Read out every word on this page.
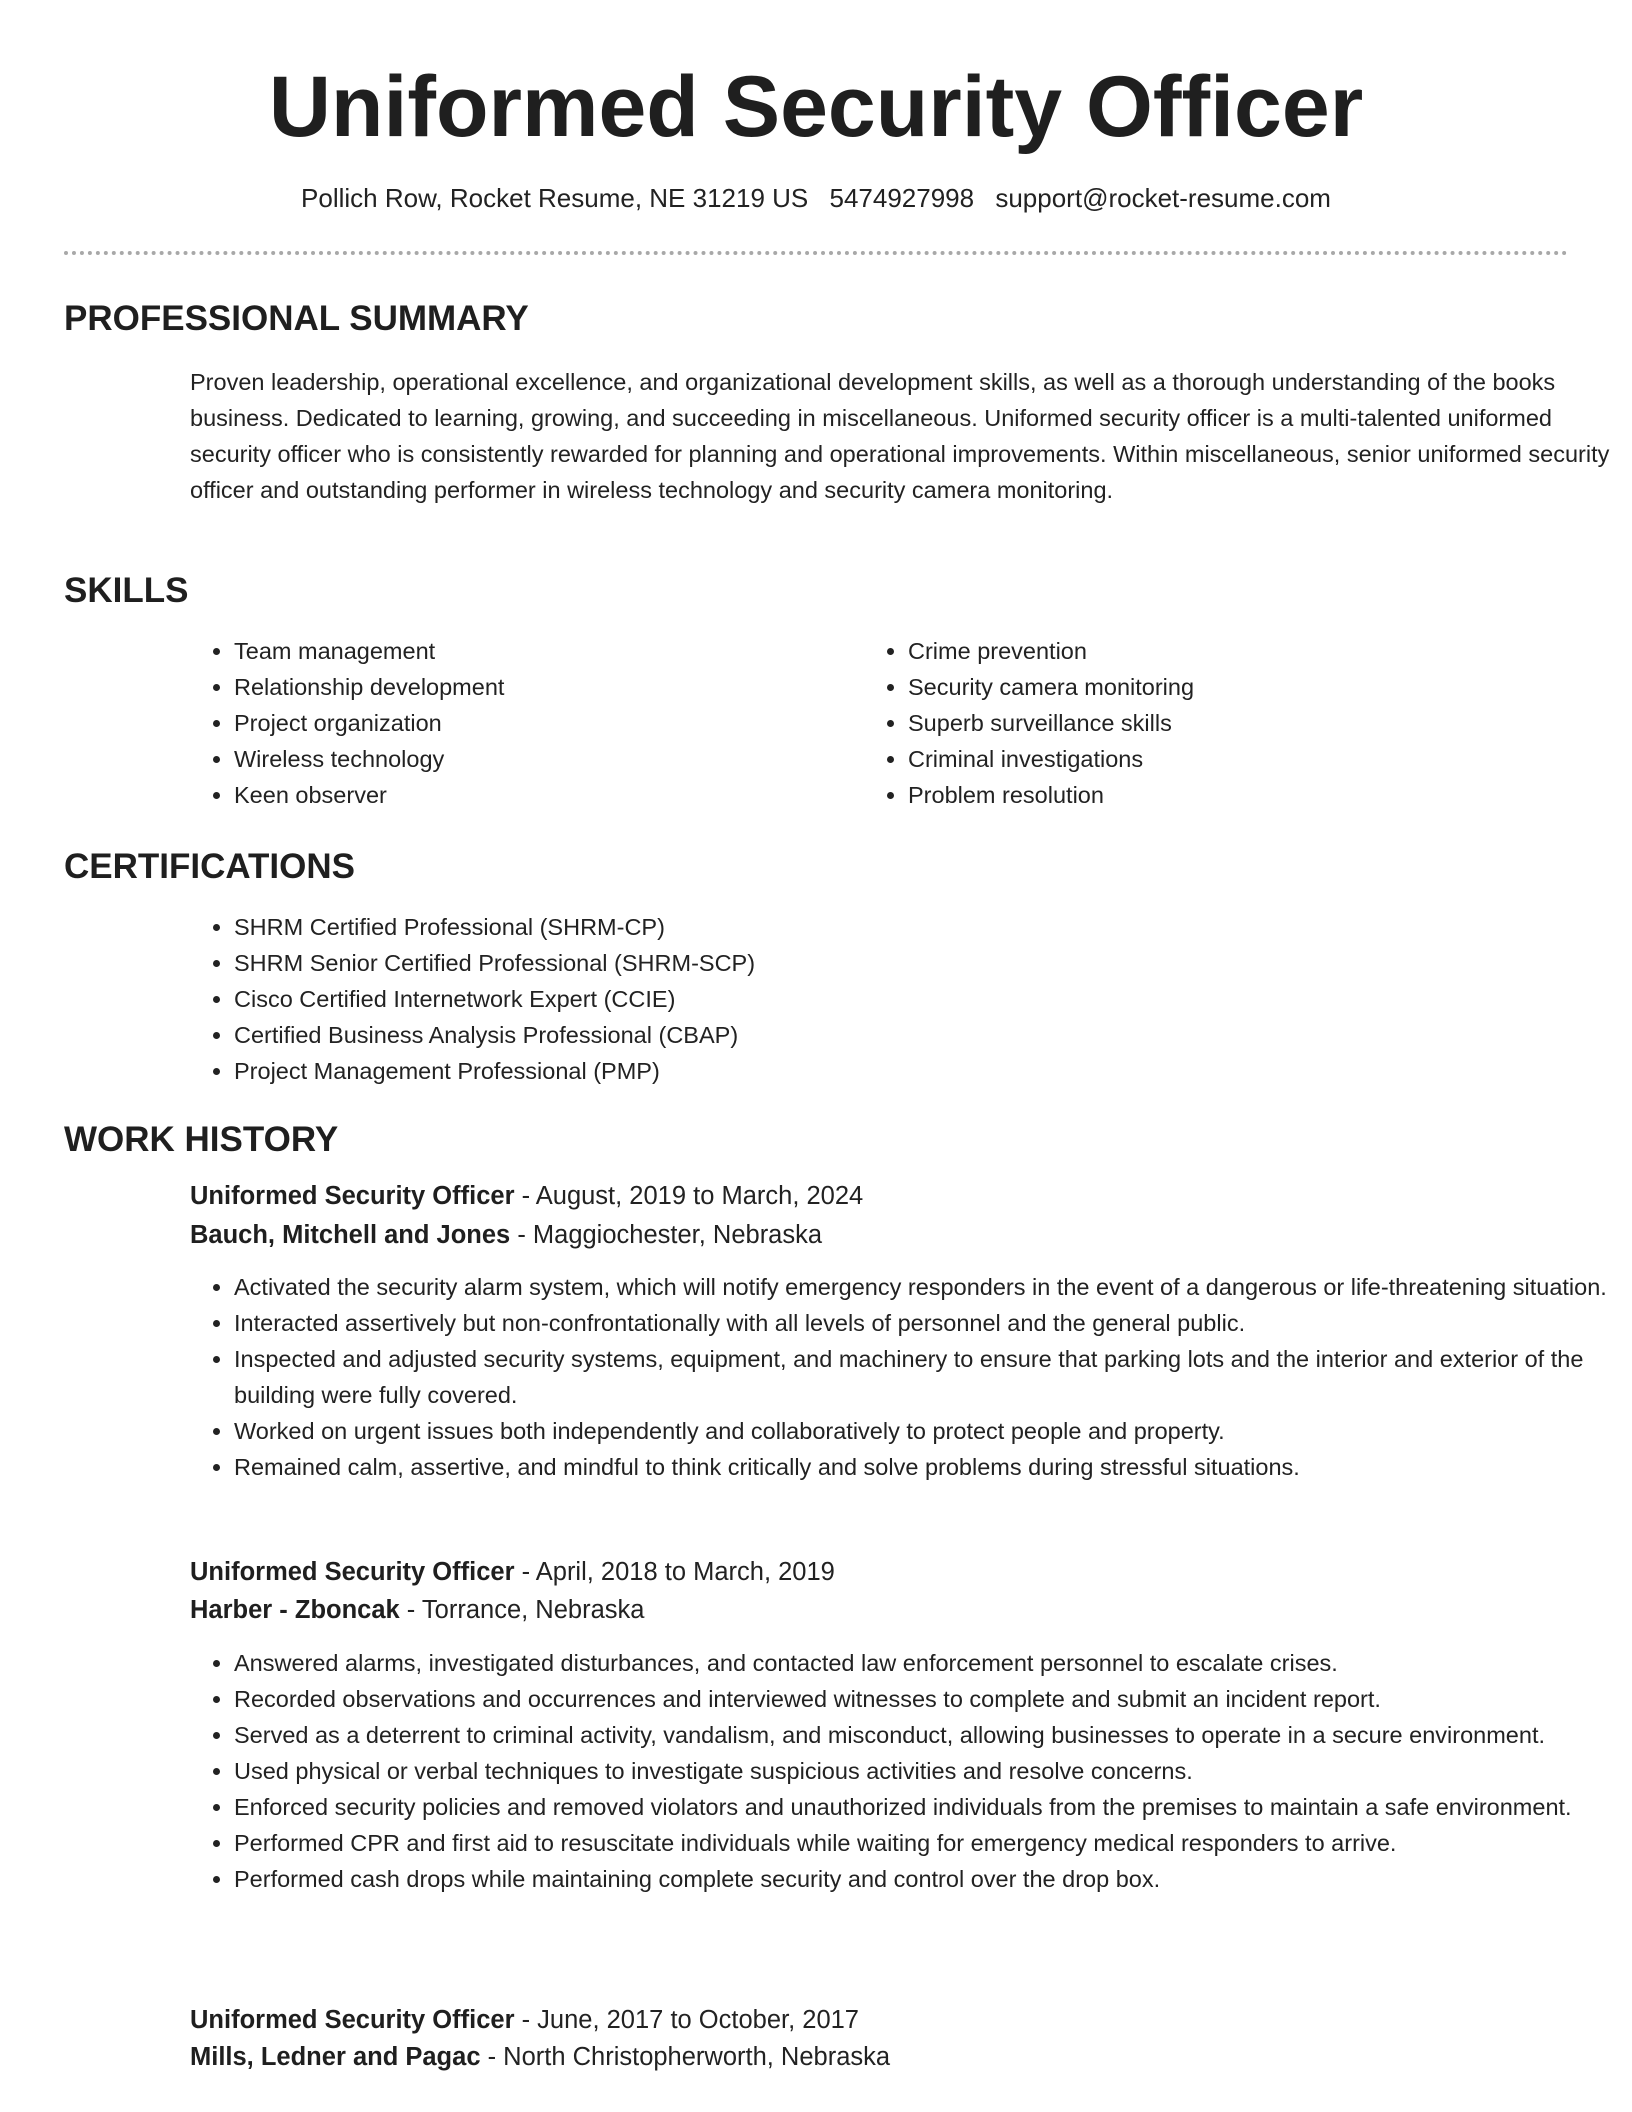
Uniformed Security Officer
Pollich Row, Rocket Resume, NE 31219 US 5474927998 support@rocket-resume.com
PROFESSIONAL SUMMARY

Proven leadership, operational excellence, and organizational development skills, as well as a thorough understanding of the books business. Dedicated to learning, growing, and succeeding in miscellaneous. Uniformed security officer is a multi-talented uniformed security officer who is consistently rewarded for planning and operational improvements. Within miscellaneous, senior uniformed security officer and outstanding performer in wireless technology and security camera monitoring.

SKILLS
• Team management
• Relationship development
• Project organization
• Wireless technology
• Keen observer
• Crime prevention
• Security camera monitoring
• Superb surveillance skills
• Criminal investigations
• Problem resolution
CERTIFICATIONS
• SHRM Certified Professional (SHRM-CP)
• SHRM Senior Certified Professional (SHRM-SCP)
• Cisco Certified Internetwork Expert (CCIE)
• Certified Business Analysis Professional (CBAP)
• Project Management Professional (PMP)
WORK HISTORY
Uniformed Security Officer - August, 2019 to March, 2024
Bauch, Mitchell and Jones - Maggiochester, Nebraska
• Activated the security alarm system, which will notify emergency responders in the event of a dangerous or life-threatening situation.
• Interacted assertively but non-confrontationally with all levels of personnel and the general public.
• Inspected and adjusted security systems, equipment, and machinery to ensure that parking lots and the interior and exterior of the building were fully covered.
• Worked on urgent issues both independently and collaboratively to protect people and property.
• Remained calm, assertive, and mindful to think critically and solve problems during stressful situations.
Uniformed Security Officer - April, 2018 to March, 2019
Harber - Zboncak - Torrance, Nebraska
• Answered alarms, investigated disturbances, and contacted law enforcement personnel to escalate crises.
• Recorded observations and occurrences and interviewed witnesses to complete and submit an incident report.
• Served as a deterrent to criminal activity, vandalism, and misconduct, allowing businesses to operate in a secure environment.
• Used physical or verbal techniques to investigate suspicious activities and resolve concerns.
• Enforced security policies and removed violators and unauthorized individuals from the premises to maintain a safe environment.
• Performed CPR and first aid to resuscitate individuals while waiting for emergency medical responders to arrive.
• Performed cash drops while maintaining complete security and control over the drop box.
Uniformed Security Officer - June, 2017 to October, 2017
Mills, Ledner and Pagac - North Christopherworth, Nebraska
